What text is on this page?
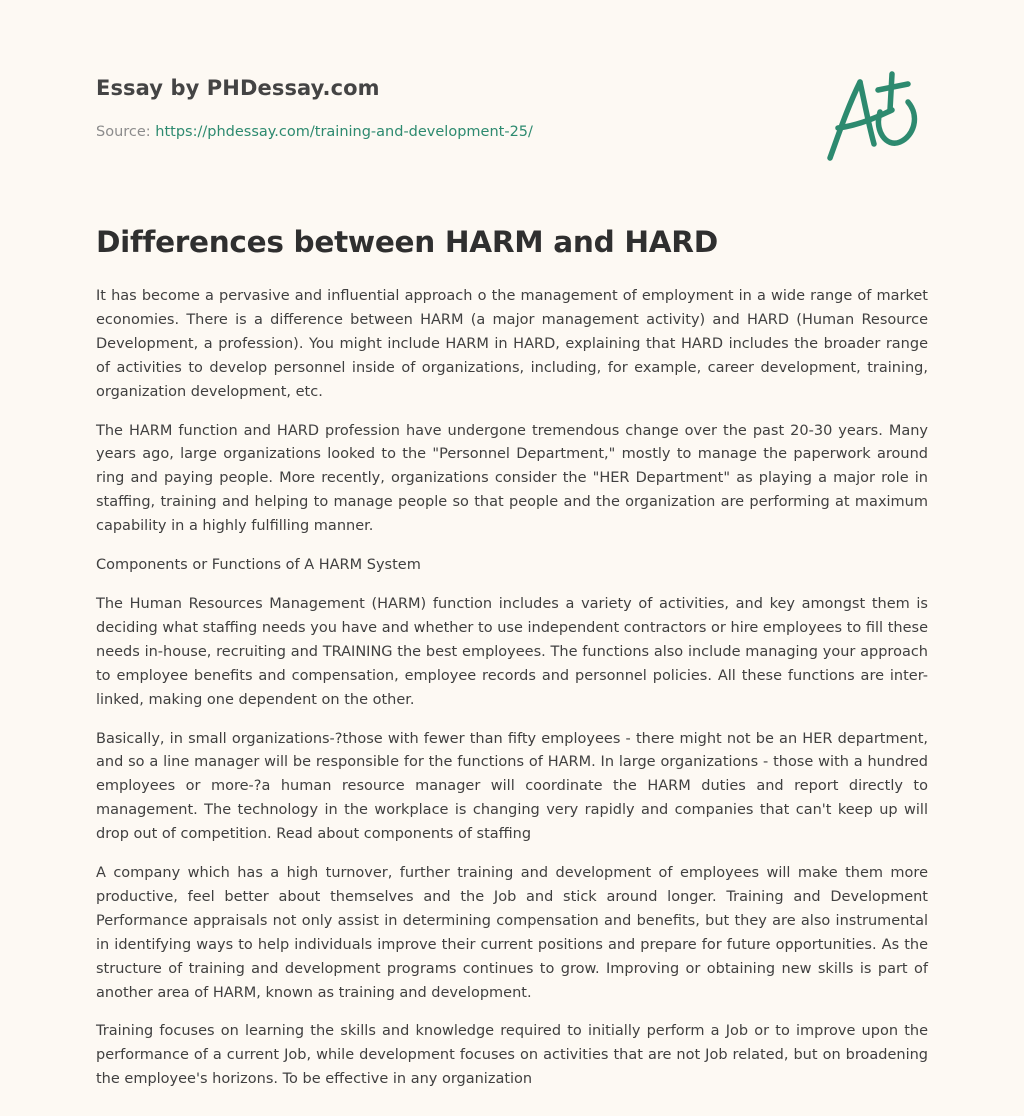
Essay by PHDessay.com
Source: https://phdessay.com/training-and-development-25/
Differences between HARM and HARD

It has become a pervasive and influential approach o the management of employment in a wide range of market economies. There is a difference between HARM (a major management activity) and HARD (Human Resource Development, a profession). You might include HARM in HARD, explaining that HARD includes the broader range of activities to develop personnel inside of organizations, including, for example, career development, training, organization development, etc.

The HARM function and HARD profession have undergone tremendous change over the past 20-30 years. Many years ago, large organizations looked to the "Personnel Department," mostly to manage the paperwork around ring and paying people. More recently, organizations consider the "HER Department" as playing a major role in staffing, training and helping to manage people so that people and the organization are performing at maximum capability in a highly fulfilling manner.

Components or Functions of A HARM System

The Human Resources Management (HARM) function includes a variety of activities, and key amongst them is deciding what staffing needs you have and whether to use independent contractors or hire employees to fill these needs in-house, recruiting and TRAINING the best employees. The functions also include managing your approach to employee benefits and compensation, employee records and personnel policies. All these functions are inter-linked, making one dependent on the other.

Basically, in small organizations-?those with fewer than fifty employees - there might not be an HER department, and so a line manager will be responsible for the functions of HARM. In large organizations - those with a hundred employees or more-?a human resource manager will coordinate the HARM duties and report directly to management. The technology in the workplace is changing very rapidly and companies that can't keep up will drop out of competition. Read about components of staffing

A company which has a high turnover, further training and development of employees will make them more productive, feel better about themselves and the Job and stick around longer. Training and Development Performance appraisals not only assist in determining compensation and benefits, but they are also instrumental in identifying ways to help individuals improve their current positions and prepare for future opportunities. As the structure of training and development programs continues to grow. Improving or obtaining new skills is part of another area of HARM, known as training and development.

Training focuses on learning the skills and knowledge required to initially perform a Job or to improve upon the performance of a current Job, while development focuses on activities that are not Job related, but on broadening the employee's horizons. To be effective in any organization
